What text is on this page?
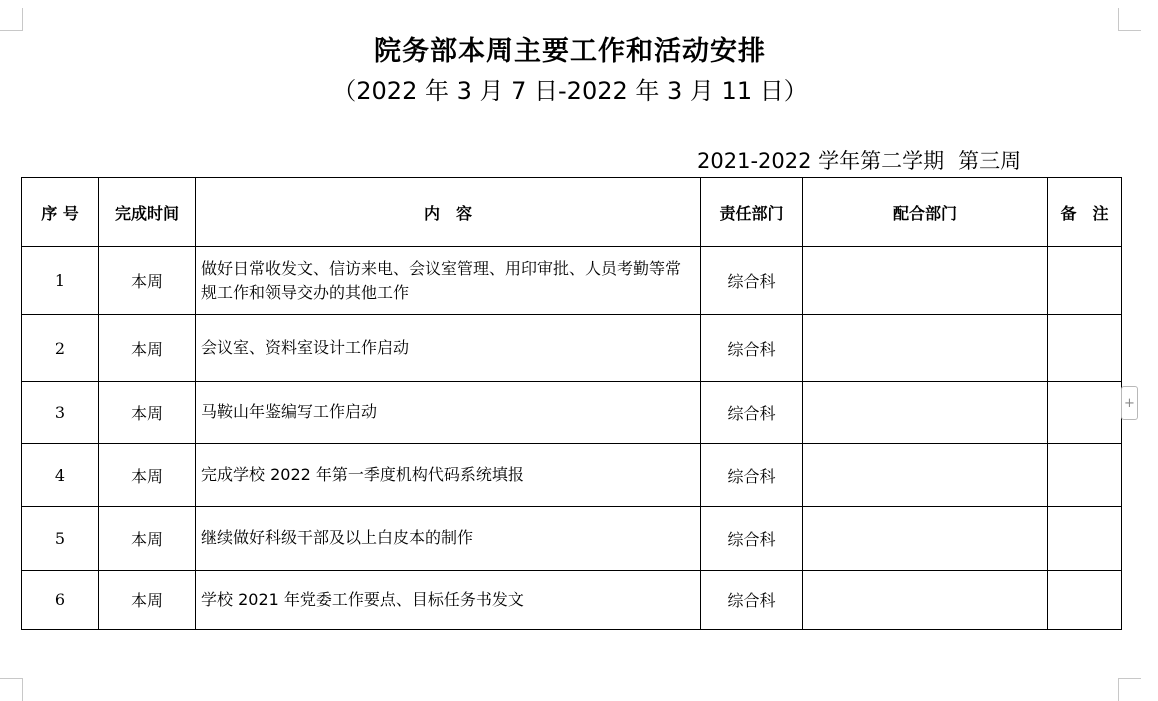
院务部本周主要工作和活动安排
（2022 年 3 月 7 日-2022 年 3 月 11 日）
2021-2022 学年第二学期 第三周
序 号	完成时间	内　容	责任部门	配合部门	备　注
1	本周	做好日常收发文、信访来电、会议室管理、用印审批、人员考勤等常规工作和领导交办的其他工作	综合科		
2	本周	会议室、资料室设计工作启动	综合科		
3	本周	马鞍山年鉴编写工作启动	综合科		
4	本周	完成学校 2022 年第一季度机构代码系统填报	综合科		
5	本周	继续做好科级干部及以上白皮本的制作	综合科		
6	本周	学校 2021 年党委工作要点、目标任务书发文	综合科		
+
